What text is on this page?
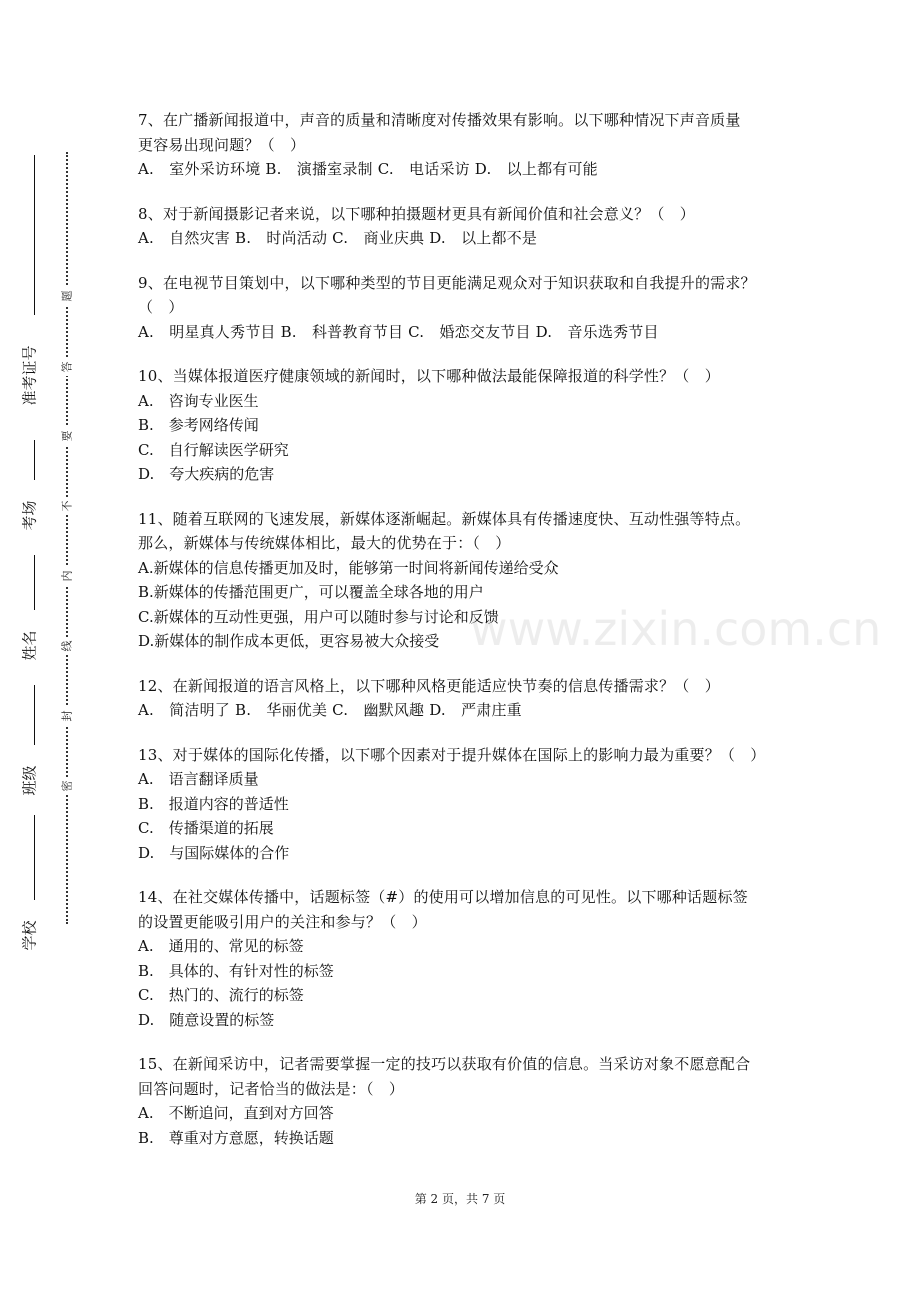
准考证号
考场
姓名
班级
学校
题
答
要
不
内
线
封
密
www.zixin.com.cn

7、在广播新闻报道中，声音的质量和清晰度对传播效果有影响。以下哪种情况下声音质量

更容易出现问题？（　）

A.　室外采访环境 B.　演播室录制 C.　电话采访 D.　以上都有可能

8、对于新闻摄影记者来说，以下哪种拍摄题材更具有新闻价值和社会意义？（　）

A.　自然灾害 B.　时尚活动 C.　商业庆典 D.　以上都不是

9、在电视节目策划中，以下哪种类型的节目更能满足观众对于知识获取和自我提升的需求？

（　）

A.　明星真人秀节目 B.　科普教育节目 C.　婚恋交友节目 D.　音乐选秀节目

10、当媒体报道医疗健康领域的新闻时，以下哪种做法最能保障报道的科学性？（　）

A.　咨询专业医生

B.　参考网络传闻

C.　自行解读医学研究

D.　夸大疾病的危害

11、随着互联网的飞速发展，新媒体逐渐崛起。新媒体具有传播速度快、互动性强等特点。

那么，新媒体与传统媒体相比，最大的优势在于：（　）

A.新媒体的信息传播更加及时，能够第一时间将新闻传递给受众

B.新媒体的传播范围更广，可以覆盖全球各地的用户

C.新媒体的互动性更强，用户可以随时参与讨论和反馈

D.新媒体的制作成本更低，更容易被大众接受

12、在新闻报道的语言风格上，以下哪种风格更能适应快节奏的信息传播需求？（　）

A.　简洁明了 B.　华丽优美 C.　幽默风趣 D.　严肃庄重

13、对于媒体的国际化传播，以下哪个因素对于提升媒体在国际上的影响力最为重要？（　）

A.　语言翻译质量

B.　报道内容的普适性

C.　传播渠道的拓展

D.　与国际媒体的合作

14、在社交媒体传播中，话题标签（#）的使用可以增加信息的可见性。以下哪种话题标签

的设置更能吸引用户的关注和参与？（　）

A.　通用的、常见的标签

B.　具体的、有针对性的标签

C.　热门的、流行的标签

D.　随意设置的标签

15、在新闻采访中，记者需要掌握一定的技巧以获取有价值的信息。当采访对象不愿意配合

回答问题时，记者恰当的做法是：（　）

A.　不断追问，直到对方回答

B.　尊重对方意愿，转换话题

第 2 页，共 7 页
